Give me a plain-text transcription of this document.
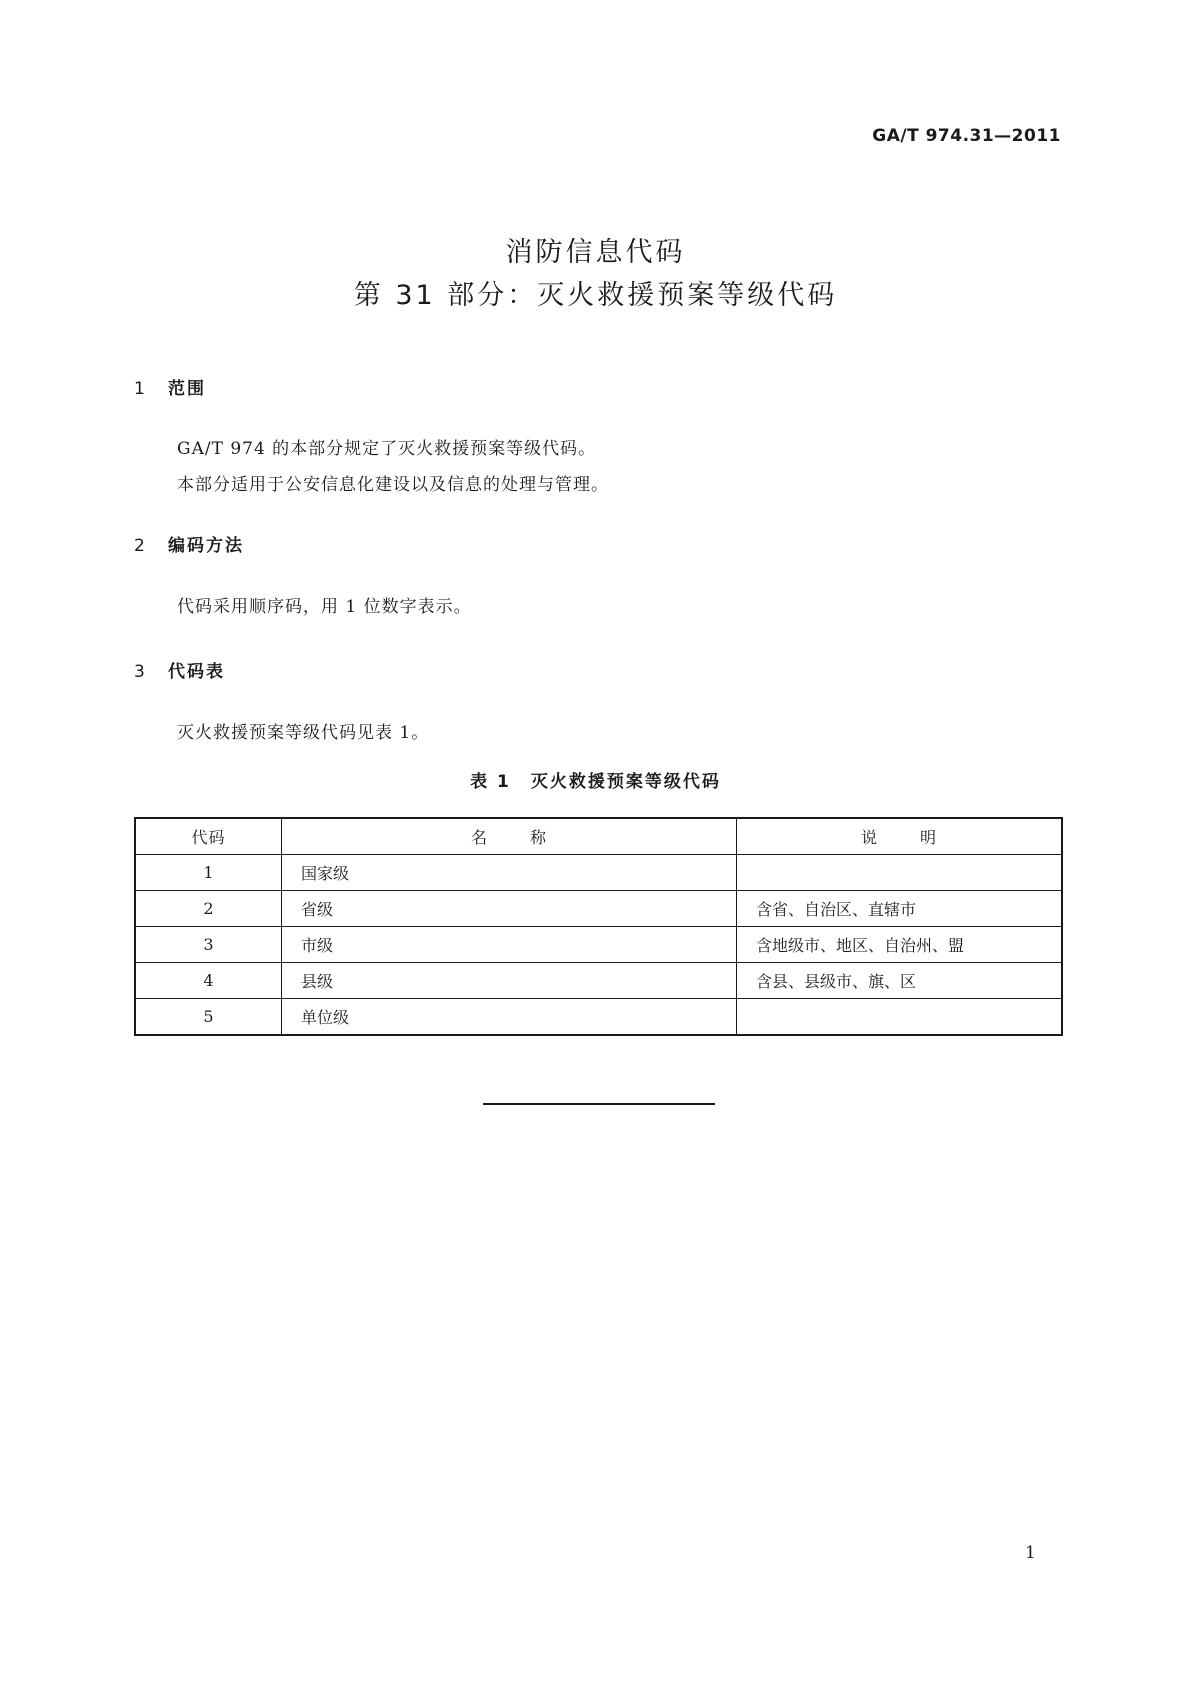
GA/T 974.31—2011
消防信息代码
第 31 部分：灭火救援预案等级代码
1 范围
GA/T 974 的本部分规定了灭火救援预案等级代码。
本部分适用于公安信息化建设以及信息的处理与管理。
2 编码方法
代码采用顺序码，用 1 位数字表示。
3 代码表
灭火救援预案等级代码见表 1。
表 1 灭火救援预案等级代码
代码	名 称	说 明
1	国家级	
2	省级	含省、自治区、直辖市
3	市级	含地级市、地区、自治州、盟
4	县级	含县、县级市、旗、区
5	单位级	
1
